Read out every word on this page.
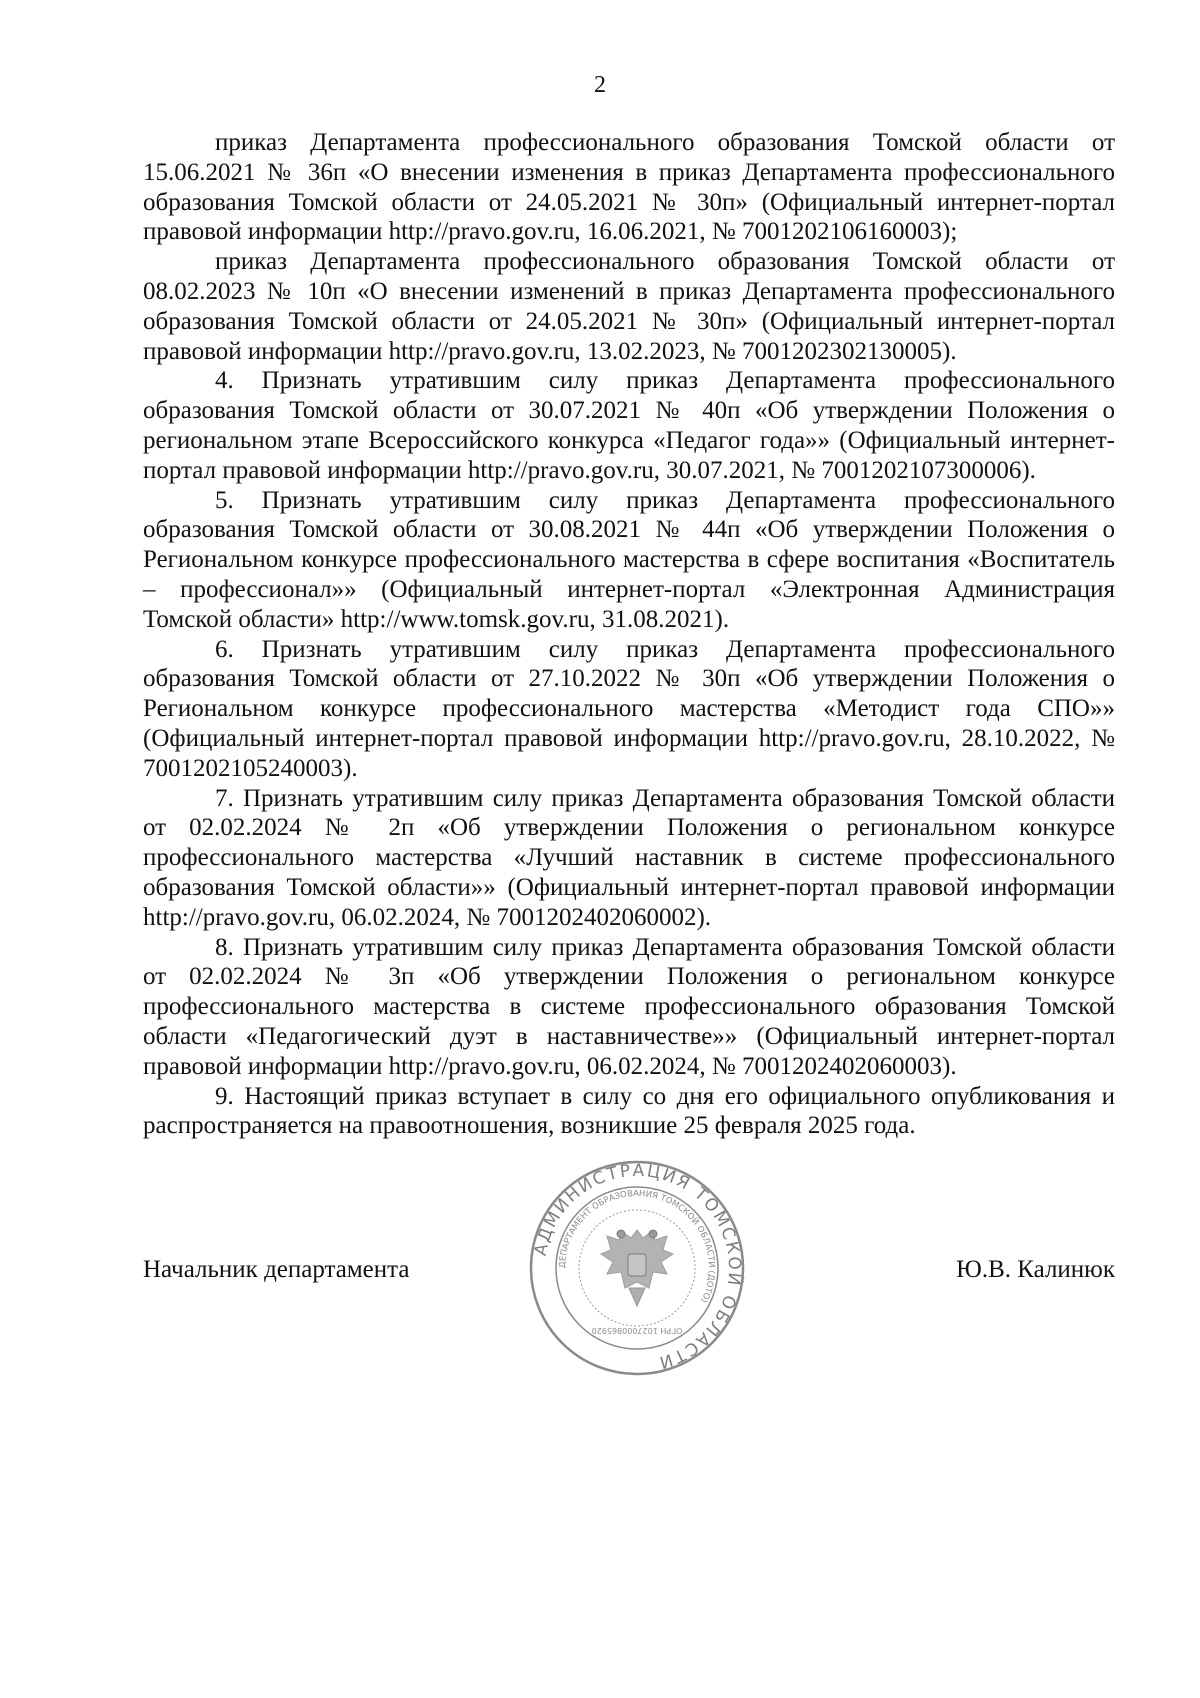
2

приказ Департамента профессионального образования Томской области от 15.06.2021 № 36п «О внесении изменения в приказ Департамента профессионального образования Томской области от 24.05.2021 № 30п» (Официальный интернет-портал правовой информации http://pravo.gov.ru, 16.06.2021, № 7001202106160003);

приказ Департамента профессионального образования Томской области от 08.02.2023 № 10п «О внесении изменений в приказ Департамента профессионального образования Томской области от 24.05.2021 № 30п» (Официальный интернет-портал правовой информации http://pravo.gov.ru, 13.02.2023, № 7001202302130005).

4. Признать утратившим силу приказ Департамента профессионального образования Томской области от 30.07.2021 № 40п «Об утверждении Положения о региональном этапе Всероссийского конкурса «Педагог года»» (Официальный интернет-портал правовой информации http://pravo.gov.ru, 30.07.2021, № 7001202107300006).

5. Признать утратившим силу приказ Департамента профессионального образования Томской области от 30.08.2021 № 44п «Об утверждении Положения о Региональном конкурсе профессионального мастерства в сфере воспитания «Воспитатель – профессионал»» (Официальный интернет-портал «Электронная Администрация Томской области» http://www.tomsk.gov.ru, 31.08.2021).

6. Признать утратившим силу приказ Департамента профессионального образования Томской области от 27.10.2022 № 30п «Об утверждении Положения о Региональном конкурсе профессионального мастерства «Методист года СПО»» (Официальный интернет-портал правовой информации http://pravo.gov.ru, 28.10.2022, № 7001202105240003).

7. Признать утратившим силу приказ Департамента образования Томской области от 02.02.2024 № 2п «Об утверждении Положения о региональном конкурсе профессионального мастерства «Лучший наставник в системе профессионального образования Томской области»» (Официальный интернет-портал правовой информации http://pravo.gov.ru, 06.02.2024, № 7001202402060002).

8. Признать утратившим силу приказ Департамента образования Томской области от 02.02.2024 № 3п «Об утверждении Положения о региональном конкурсе профессионального мастерства в системе профессионального образования Томской области «Педагогический дуэт в наставничестве»» (Официальный интернет-портал правовой информации http://pravo.gov.ru, 06.02.2024, № 7001202402060003).

9. Настоящий приказ вступает в силу со дня его официального опубликования и распространяется на правоотношения, возникшие 25 февраля 2025 года.

Начальник департамента	Ю.В. Калинюк
АДМИНИСТРАЦИЯ ТОМСКОЙ ОБЛАСТИ
ДЕПАРТАМЕНТ ОБРАЗОВАНИЯ ТОМСКОЙ ОБЛАСТИ (ДОТО)
ОГРН 1027000865920
